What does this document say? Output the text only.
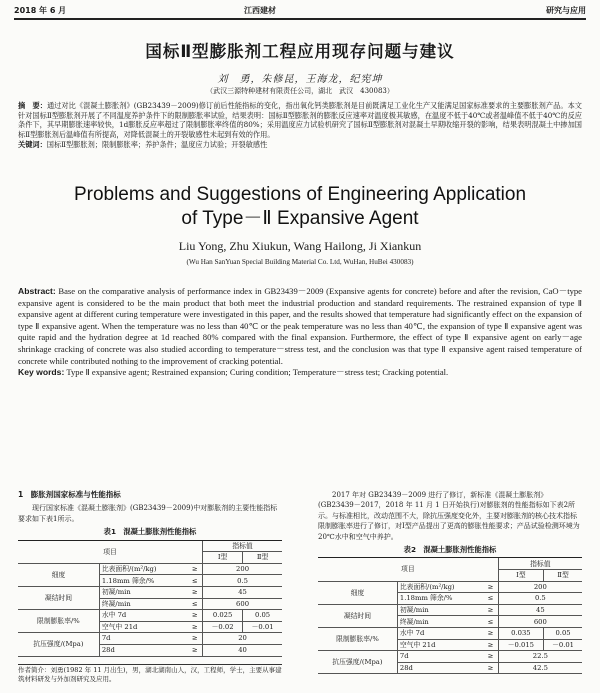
2018 年 6 月	江西建材	研究与应用
国标Ⅱ型膨胀剂工程应用现存问题与建议
刘　勇，朱修昆，王海龙，纪宪坤
（武汉三源特种建材有限责任公司，湖北　武汉　430083）
摘　要：通过对比《混凝土膨胀剂》(GB23439－2009)修订前后性能指标的变化，指出氧化钙类膨胀剂是目前既满足工业化生产又能满足国家标准要求的主要膨胀剂产品。本文针对国标Ⅱ型膨胀剂开展了不同温度养护条件下的限制膨胀率试验，结果表明：国标Ⅱ型膨胀剂的膨胀反应速率对温度极其敏感，在温度不低于40℃或者温峰值不低于40℃的反应条件下，其早期膨胀速率较快，1d膨胀反应率超过了限制膨胀率终值的80%；采用温度应力试验机研究了国标Ⅱ型膨胀剂对混凝土早期收缩开裂的影响，结果表明混凝土中掺加国标Ⅱ型膨胀剂后温峰值有所提高，对降低混凝土的开裂敏感性未起到有效的作用。
关键词：国标Ⅱ型膨胀剂；限制膨胀率；养护条件；温度应力试验；开裂敏感性
Problems and Suggestions of Engineering Application
of Type－Ⅱ Expansive Agent
Liu Yong, Zhu Xiukun, Wang Hailong, Ji Xiankun
(Wu Han SanYuan Special Building Material Co. Ltd, WuHan, HuBei 430083)
Abstract: Base on the comparative analysis of performance index in GB23439－2009 (Expansive agents for concrete) before and after the revision, CaO－type expansive agent is considered to be the main product that both meet the industrial production and standard requirements. The restrained expansion of type Ⅱ expansive agent at different curing temperature were investigated in this paper, and the results showed that temperature had significantly effect on the expansion of type Ⅱ expansive agent. When the temperature was no less than 40℃ or the peak temperature was no less than 40℃, the expansion of type Ⅱ expansive agent was quite rapid and the hydration degree at 1d reached 80% compared with the final expansion. Furthermore, the effect of type Ⅱ expansive agent on early－age shrinkage cracking of concrete was also studied according to temperature－stress test, and the conclusion was that type Ⅱ expansive agent raised temperature of concrete while contributed nothing to the improvement of cracking potential.
Key words: Type Ⅱ expansive agent; Restrained expansion; Curing condition; Temperature－stress test; Cracking potential.
1　膨胀剂国家标准与性能指标
现行国家标准《混凝土膨胀剂》(GB23439－2009)中对膨胀剂的主要性能指标要求如下表1所示。
表1　混凝土膨胀剂性能指标
项目			指标值	
			Ⅰ型	Ⅱ型
细度	比表面积/(m²/kg)	≥	200	
	1.18mm 筛余/%	≤	0.5	
凝结时间	初凝/min	≥	45	
	终凝/min	≤	600	
限制膨胀率/%	水中 7d	≥	0.025	0.05
	空气中 21d	≥	－0.02	－0.01
抗压强度/(Mpa)	7d	≥	20	
	28d	≥	40	
作者简介：刘勇(1982 年 11 月出生)，男，湖北湖南山人，汉，工程师，学士，主要从事建筑材料研发与外加剂研究及应用。
2017 年对 GB23439－2009 进行了修订，新标准《混凝土膨胀剂》(GB23439－2017，2018 年 11 月 1 日开始执行)对膨胀剂的性能指标如下表2所示。与标准相比，改动范围不大，除抗压强度变化外，主要对膨胀剂的核心技术指标限制膨胀率进行了修订，对Ⅰ型产品提出了更高的膨胀性能要求；产品试验检测环境为 20℃水中和空气中养护。
表2　混凝土膨胀剂性能指标
项目			指标值	
			Ⅰ型	Ⅱ型
细度	比表面积/(m²/kg)	≥	200	
	1.18mm 筛余/%	≤	0.5	
凝结时间	初凝/min	≥	45	
	终凝/min	≤	600	
限制膨胀率/%	水中 7d	≥	0.035	0.05
	空气中 21d	≥	－0.015	－0.01
抗压强度/(Mpa)	7d	≥	22.5	
	28d	≥	42.5	
